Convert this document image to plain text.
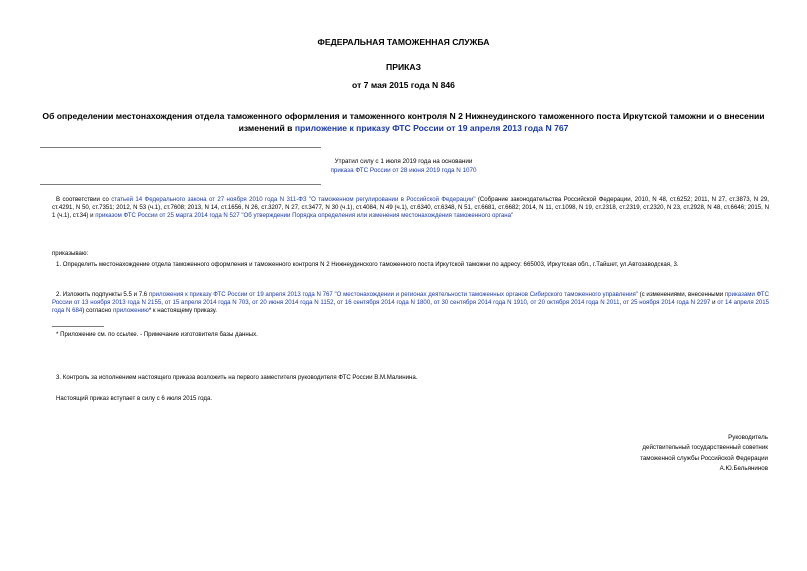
ФЕДЕРАЛЬНАЯ ТАМОЖЕННАЯ СЛУЖБА
ПРИКАЗ
от 7 мая 2015 года N 846
Об определении местонахождения отдела таможенного оформления и таможенного контроля N 2 Нижнеудинского таможенного поста Иркутской таможни и о внесении изменений в приложение к приказу ФТС России от 19 апреля 2013 года N 767
Утратил силу с 1 июля 2019 года на основании
приказа ФТС России от 28 июня 2019 года N 1070
В соответствии со статьей 14 Федерального закона от 27 ноября 2010 года N 311-ФЗ "О таможенном регулировании в Российской Федерации" (Собрание законодательства Российской Федерации, 2010, N 48, ст.6252; 2011, N 27, ст.3873, N 29, ст.4291, N 50, ст.7351; 2012, N 53 (ч.1), ст.7608; 2013, N 14, ст.1656, N 26, ст.3207, N 27, ст.3477, N 30 (ч.1), ст.4084, N 49 (ч.1), ст.6340, ст.6348, N 51, ст.6681, ст.6682; 2014, N 11, ст.1098, N 19, ст.2318, ст.2319, ст.2320, N 23, ст.2928, N 48, ст.6646; 2015, N 1 (ч.1), ст.34) и приказом ФТС России от 25 марта 2014 года N 527 "Об утверждении Порядка определения или изменения местонахождения таможенного органа"
приказываю:
1. Определить местонахождение отдела таможенного оформления и таможенного контроля N 2 Нижнеудинского таможенного поста Иркутской таможни по адресу: 665003, Иркутская обл., г.Тайшет, ул.Автозаводская, 3.
2. Изложить подпункты 5.5 и 7.6 приложения к приказу ФТС России от 19 апреля 2013 года N 767 "О местонахождении и регионах деятельности таможенных органов Сибирского таможенного управления" (с изменениями, внесенными приказами ФТС России от 13 ноября 2013 года N 2155, от 15 апреля 2014 года N 703, от 20 июня 2014 года N 1152, от 16 сентября 2014 года N 1800, от 30 сентября 2014 года N 1910, от 20 октября 2014 года N 2011, от 25 ноября 2014 года N 2297 и от 14 апреля 2015 года N 684) согласно приложению* к настоящему приказу.
* Приложение см. по ссылке. - Примечание изготовителя базы данных.
3. Контроль за исполнением настоящего приказа возложить на первого заместителя руководителя ФТС России В.М.Малинина.
Настоящий приказ вступает в силу с 6 июля 2015 года.
Руководитель
действительный государственный советник
таможенной службы Российской Федерации
А.Ю.Бельянинов
